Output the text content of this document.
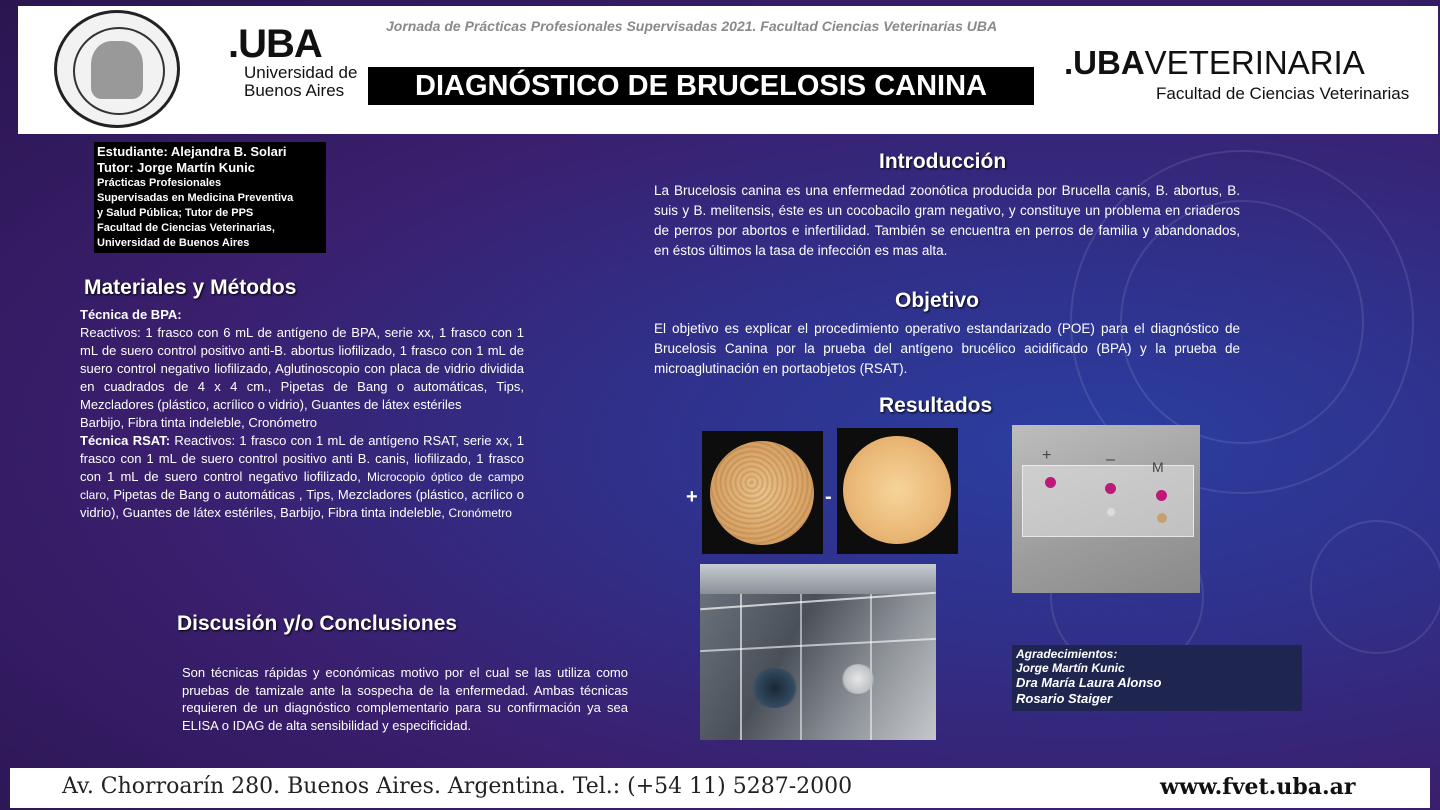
.UBA
Universidad de
Buenos Aires
Jornada de Prácticas Profesionales Supervisadas 2021. Facultad Ciencias Veterinarias UBA
DIAGNÓSTICO DE BRUCELOSIS CANINA
.UBAVETERINARIA
Facultad de Ciencias Veterinarias
Estudiante: Alejandra B. Solari
Tutor: Jorge Martín Kunic
Prácticas Profesionales
Supervisadas en Medicina Preventiva
y Salud Pública; Tutor de PPS
Facultad de Ciencias Veterinarias,
Universidad de Buenos Aires
Materiales y Métodos
Técnica de BPA:
Reactivos: 1 frasco con 6 mL de antígeno de BPA, serie xx, 1 frasco con 1 mL de suero control positivo anti-B. abortus liofilizado, 1 frasco con 1 mL de suero control negativo liofilizado, Aglutinoscopio con placa de vidrio dividida en cuadrados de 4 x 4 cm., Pipetas de Bang o automáticas, Tips, Mezcladores (plástico, acrílico o vidrio), Guantes de látex estériles
Barbijo, Fibra tinta indeleble, Cronómetro
Técnica RSAT: Reactivos: 1 frasco con 1 mL de antígeno RSAT, serie xx, 1 frasco con 1 mL de suero control positivo anti B. canis, liofilizado, 1 frasco con 1 mL de suero control negativo liofilizado, Microcopio óptico de campo claro, Pipetas de Bang o automáticas , Tips, Mezcladores (plástico, acrílico o vidrio), Guantes de látex estériles, Barbijo, Fibra tinta indeleble, Cronómetro
Discusión y/o Conclusiones
Son técnicas rápidas y económicas motivo por el cual se las utiliza como pruebas de tamizale ante la sospecha de la enfermedad. Ambas técnicas requieren de un diagnóstico complementario para su confirmación ya sea ELISA o IDAG de alta sensibilidad y especificidad.
Introducción
La Brucelosis canina es una enfermedad zoonótica producida por Brucella canis, B. abortus, B. suis y B. melitensis, éste es un cocobacilo gram negativo, y constituye un problema en criaderos de perros por abortos e infertilidad. También se encuentra en perros de familia y abandonados, en éstos últimos la tasa de infección es mas alta.
Objetivo
El objetivo es explicar el procedimiento operativo estandarizado (POE) para el diagnóstico de Brucelosis Canina por la prueba del antígeno brucélico acidificado (BPA) y la prueba de microaglutinación en portaobjetos (RSAT).
Resultados
+	-
+	–	M
Agradecimientos:
Jorge Martín Kunic
Dra María Laura Alonso
Rosario Staiger
Av. Chorroarín 280. Buenos Aires. Argentina. Tel.: (+54 11) 5287-2000	www.fvet.uba.ar
